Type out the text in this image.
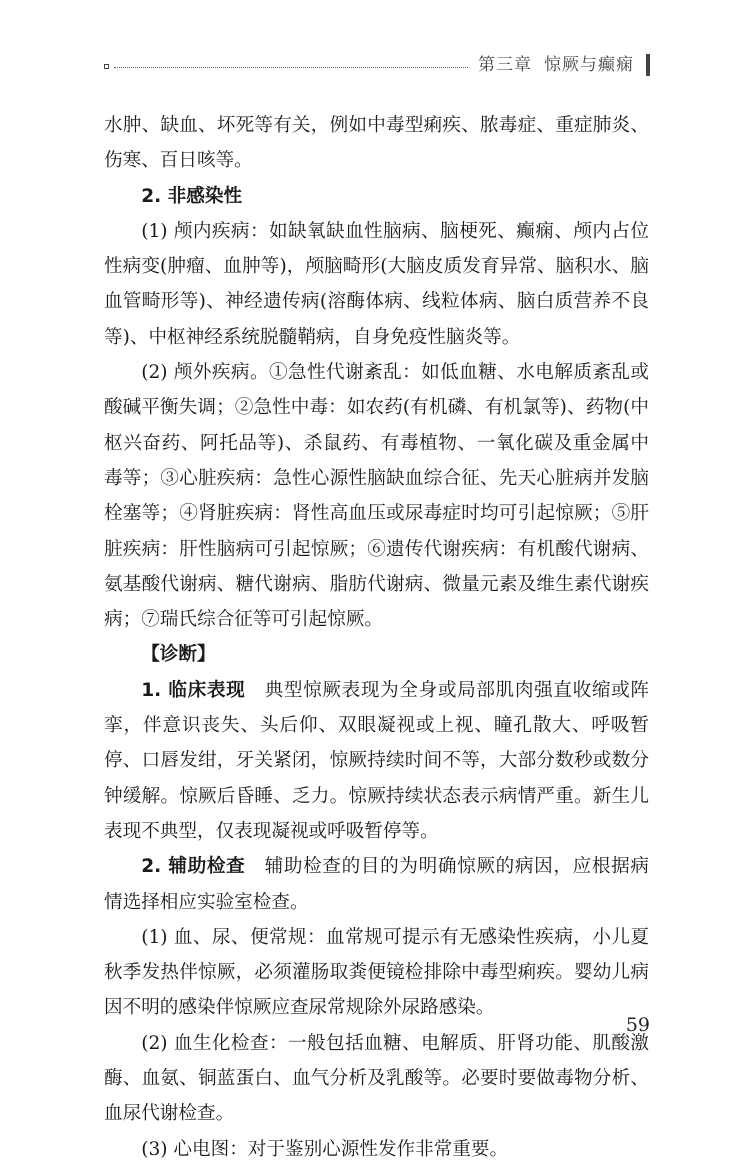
第三章 惊厥与癫痫

水肿、缺血、坏死等有关，例如中毒型痢疾、脓毒症、重症肺炎、伤寒、百日咳等。

2. 非感染性

(1) 颅内疾病：如缺氧缺血性脑病、脑梗死、癫痫、颅内占位性病变(肿瘤、血肿等)，颅脑畸形(大脑皮质发育异常、脑积水、脑血管畸形等)、神经遗传病(溶酶体病、线粒体病、脑白质营养不良等)、中枢神经系统脱髓鞘病，自身免疫性脑炎等。

(2) 颅外疾病。①急性代谢紊乱：如低血糖、水电解质紊乱或酸碱平衡失调；②急性中毒：如农药(有机磷、有机氯等)、药物(中枢兴奋药、阿托品等)、杀鼠药、有毒植物、一氧化碳及重金属中毒等；③心脏疾病：急性心源性脑缺血综合征、先天心脏病并发脑栓塞等；④肾脏疾病：肾性高血压或尿毒症时均可引起惊厥；⑤肝脏疾病：肝性脑病可引起惊厥；⑥遗传代谢疾病：有机酸代谢病、氨基酸代谢病、糖代谢病、脂肪代谢病、微量元素及维生素代谢疾病；⑦瑞氏综合征等可引起惊厥。

【诊断】

1. 临床表现  典型惊厥表现为全身或局部肌肉强直收缩或阵挛，伴意识丧失、头后仰、双眼凝视或上视、瞳孔散大、呼吸暂停、口唇发绀，牙关紧闭，惊厥持续时间不等，大部分数秒或数分钟缓解。惊厥后昏睡、乏力。惊厥持续状态表示病情严重。新生儿表现不典型，仅表现凝视或呼吸暂停等。

2. 辅助检查  辅助检查的目的为明确惊厥的病因，应根据病情选择相应实验室检查。

(1) 血、尿、便常规：血常规可提示有无感染性疾病，小儿夏秋季发热伴惊厥，必须灌肠取粪便镜检排除中毒型痢疾。婴幼儿病因不明的感染伴惊厥应查尿常规除外尿路感染。

(2) 血生化检查：一般包括血糖、电解质、肝肾功能、肌酸激酶、血氨、铜蓝蛋白、血气分析及乳酸等。必要时要做毒物分析、血尿代谢检查。

(3) 心电图：对于鉴别心源性发作非常重要。

59
